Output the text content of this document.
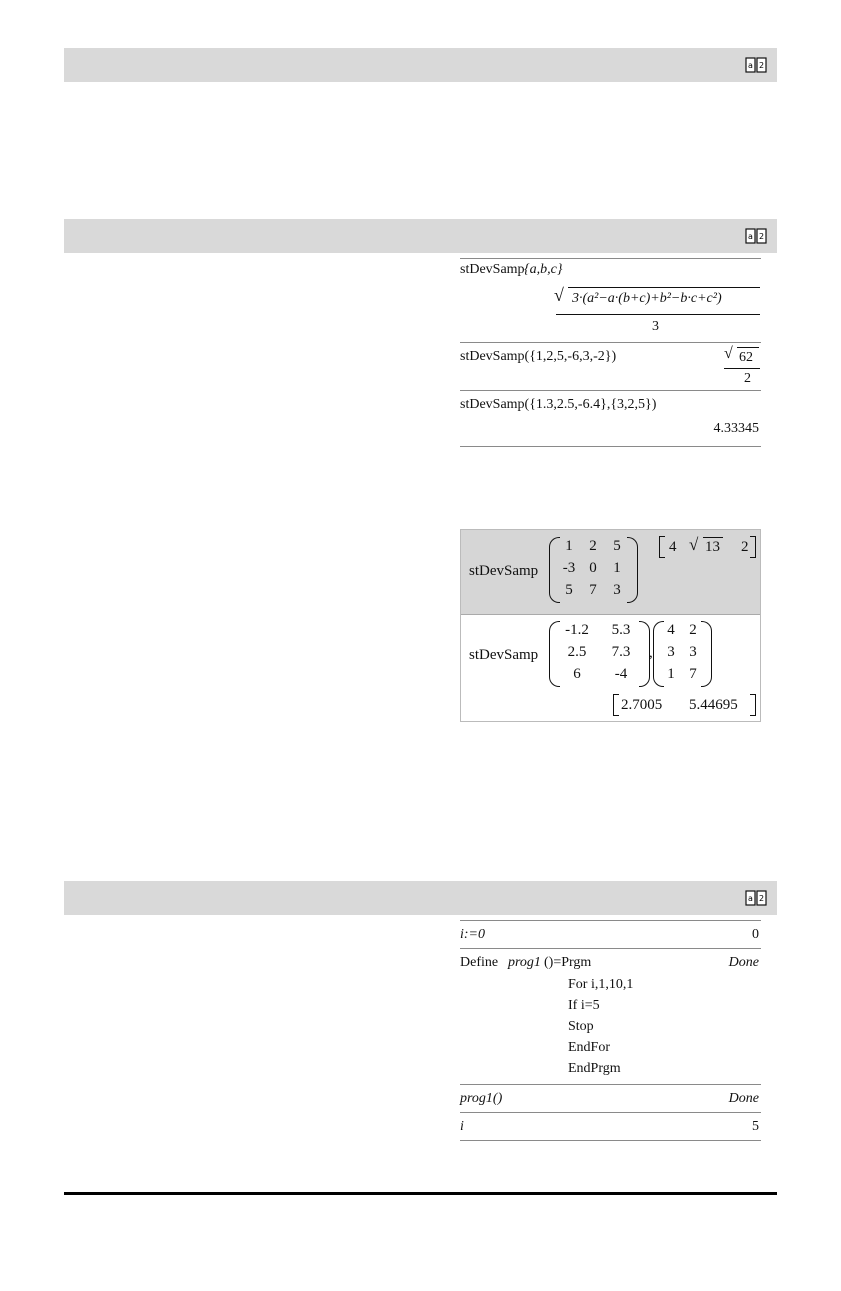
a 2
a 2
a 2
stDevSamp {a,b,c}
√ 3·(a²−a·(b+c)+b²−b·c+c²)
3
stDevSamp({1,2,5,-6,3,-2})	√ 62
2
stDevSamp({1.3,2.5,-6.4},{3,2,5})
4.33345
stDevSamp
1	2	5
-3 0	1
5	7	3
4 √ 13 2
stDevSamp
-1.2	5.3
2.5	7.3
6	-4
,
4 2
3 3
1 7
2.7005 5.44695
i:=0	0
Define prog1 ()=Prgm	Done
For i,1,10,1
If i=5
Stop
EndFor
EndPrgm
prog1()	Done
i	5
